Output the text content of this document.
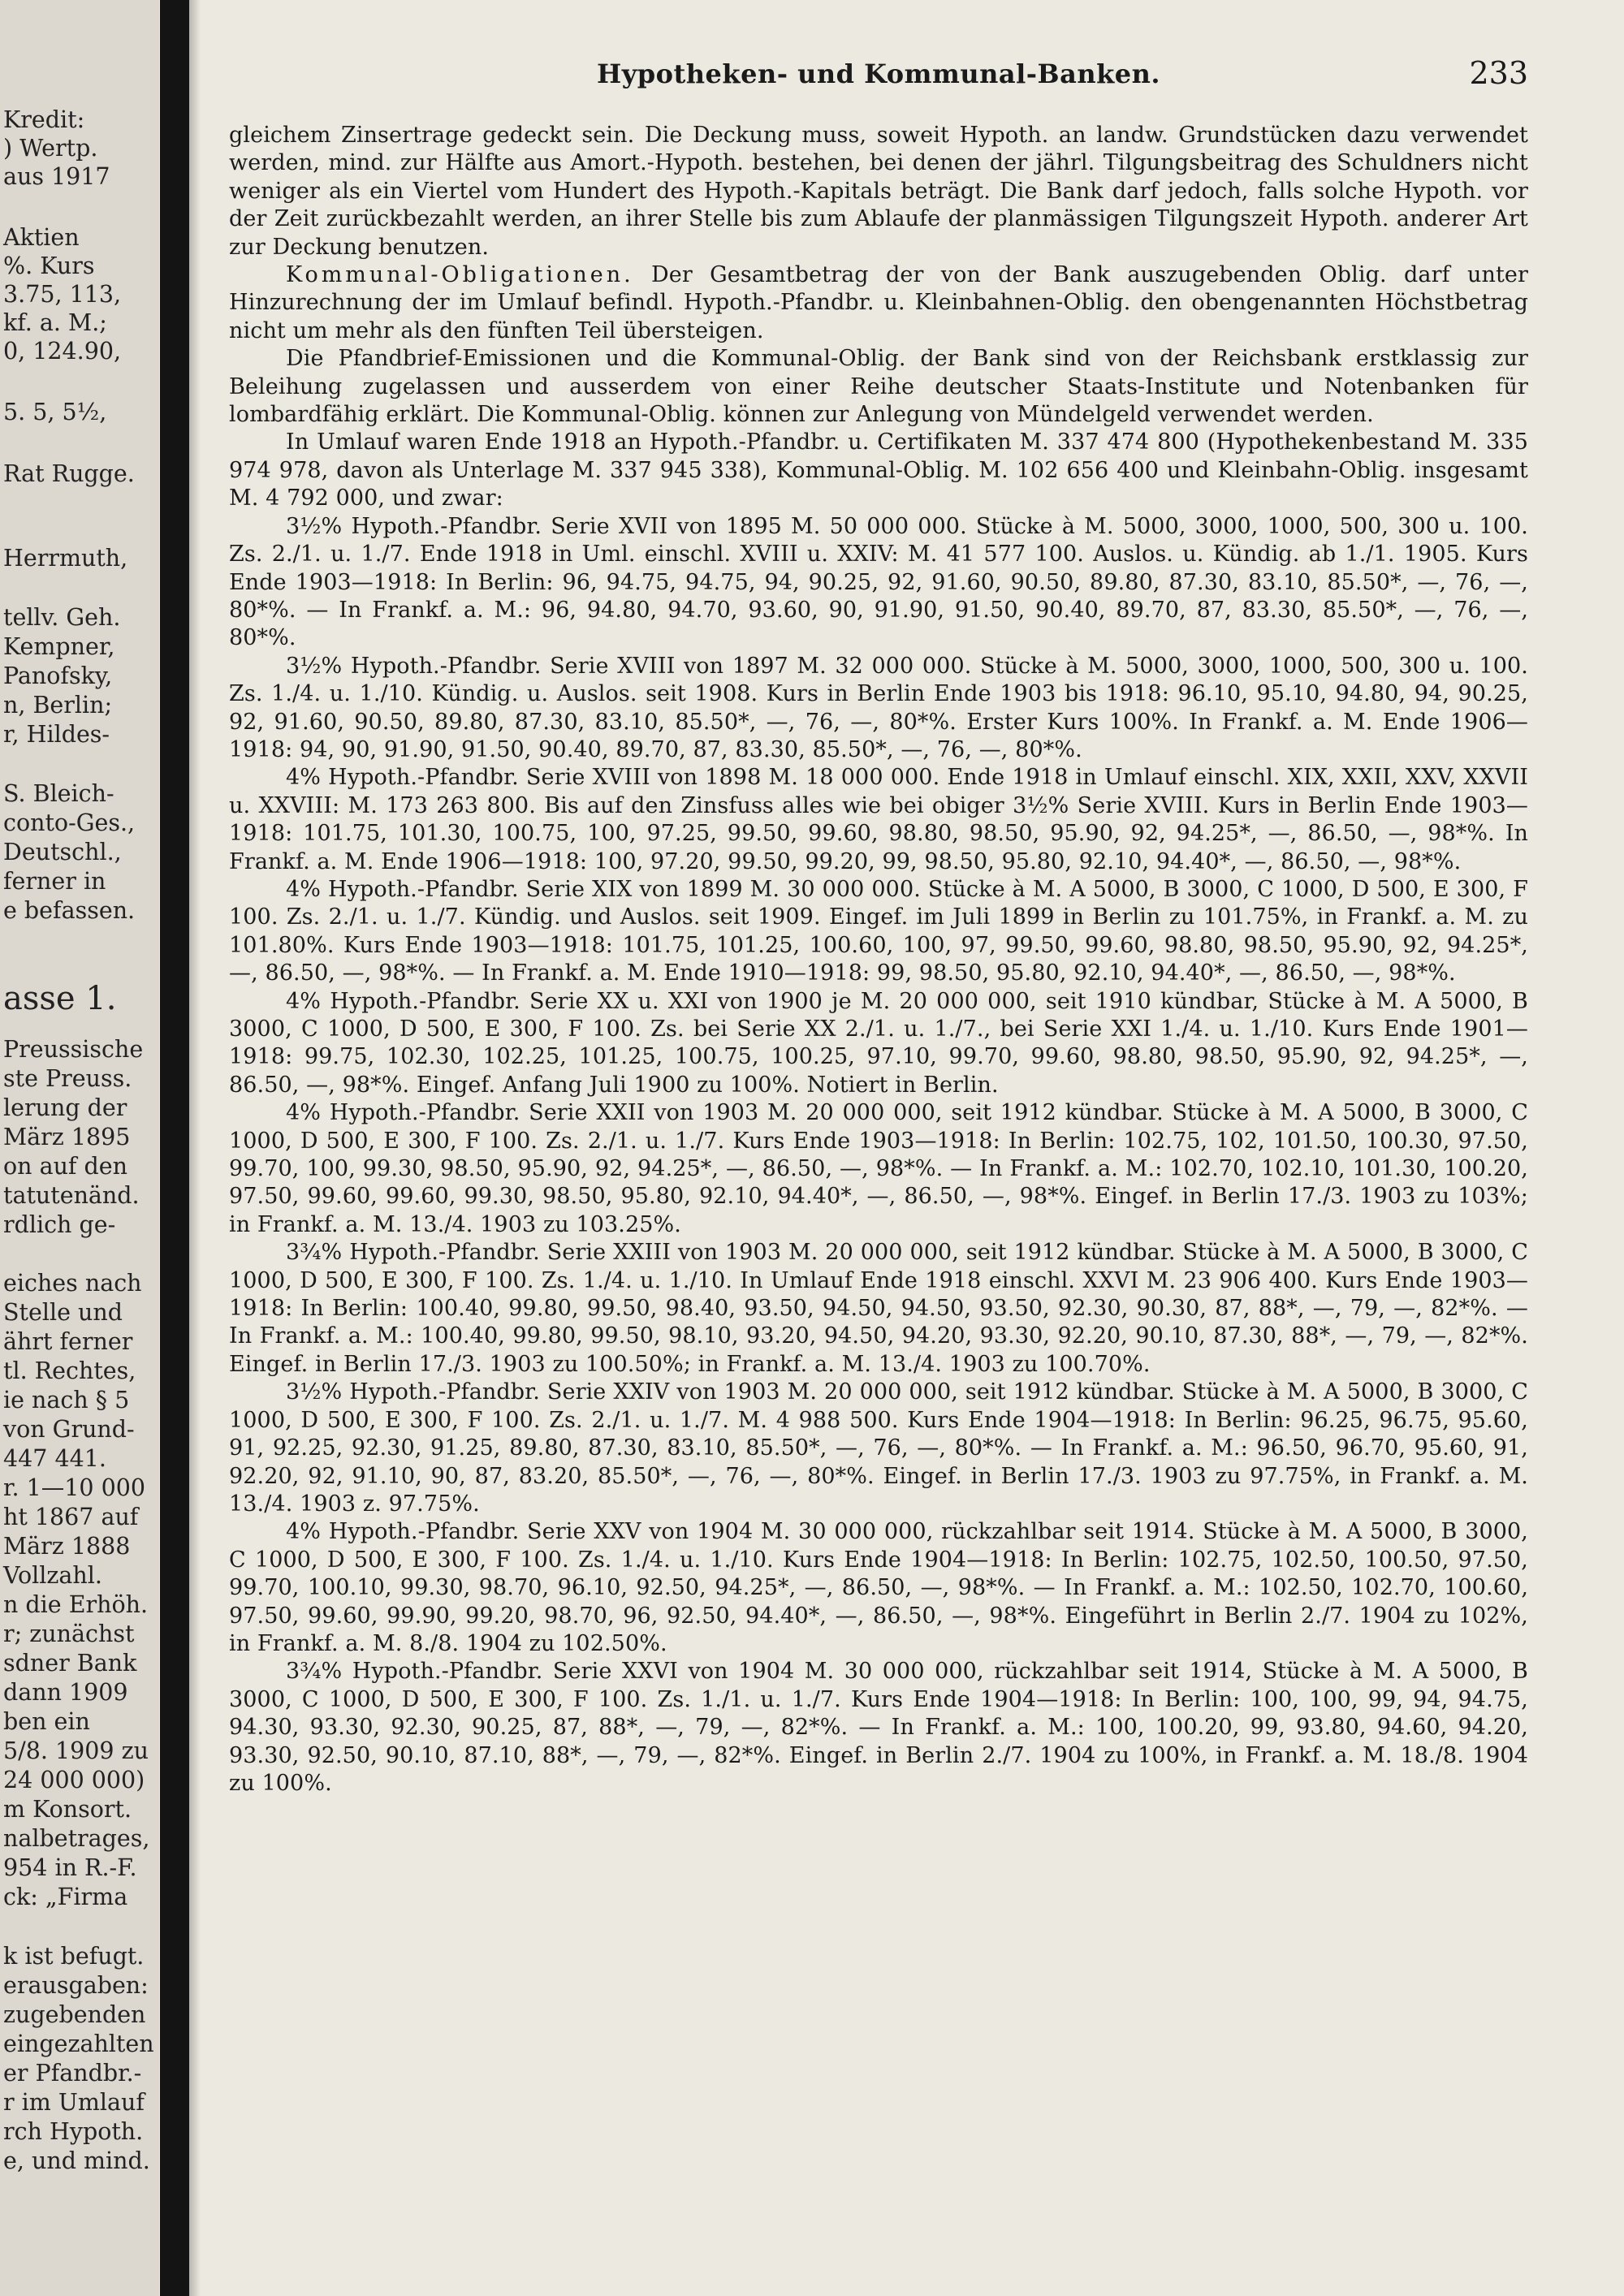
Kredit:
) Wertp.
aus 1917
Aktien
%. Kurs
3.75, 113,
kf. a. M.;
0, 124.90,
5. 5, 5½,
Rat Rugge.
Herrmuth,
tellv. Geh.
Kempner,
Panofsky,
n, Berlin;
r, Hildes-
S. Bleich-
conto-Ges.,
Deutschl.,
ferner in
e befassen.
asse 1.
Preussische
ste Preuss.
lerung der
März 1895
on auf den
tatutenänd.
rdlich ge-
eiches nach
Stelle und
ährt ferner
tl. Rechtes,
ie nach § 5
von Grund-
447 441.
r. 1—10 000
ht 1867 auf
März 1888
Vollzahl.
n die Erhöh.
r; zunächst
sdner Bank
dann 1909
ben ein
5/8. 1909 zu
24 000 000)
m Konsort.
nalbetrages,
954 in R.-F.
ck: „Firma
k ist befugt.
erausgaben:
zugebenden
eingezahlten
er Pfandbr.-
r im Umlauf
rch Hypoth.
e, und mind.
Hypotheken- und Kommunal-Banken.	233

gleichem Zinsertrage gedeckt sein. Die Deckung muss, soweit Hypoth. an landw. Grundstücken dazu verwendet werden, mind. zur Hälfte aus Amort.-Hypoth. bestehen, bei denen der jährl. Tilgungsbeitrag des Schuldners nicht weniger als ein Viertel vom Hundert des Hypoth.-Kapitals beträgt. Die Bank darf jedoch, falls solche Hypoth. vor der Zeit zurückbezahlt werden, an ihrer Stelle bis zum Ablaufe der planmässigen Tilgungszeit Hypoth. anderer Art zur Deckung benutzen.

Kommunal-Obligationen. Der Gesamtbetrag der von der Bank auszugebenden Oblig. darf unter Hinzurechnung der im Umlauf befindl. Hypoth.-Pfandbr. u. Kleinbahnen-Oblig. den obengenannten Höchstbetrag nicht um mehr als den fünften Teil übersteigen.

Die Pfandbrief-Emissionen und die Kommunal-Oblig. der Bank sind von der Reichsbank erstklassig zur Beleihung zugelassen und ausserdem von einer Reihe deutscher Staats-Institute und Notenbanken für lombardfähig erklärt. Die Kommunal-Oblig. können zur Anlegung von Mündelgeld verwendet werden.

In Umlauf waren Ende 1918 an Hypoth.-Pfandbr. u. Certifikaten M. 337 474 800 (Hypothekenbestand M. 335 974 978, davon als Unterlage M. 337 945 338), Kommunal-Oblig. M. 102 656 400 und Kleinbahn-Oblig. insgesamt M. 4 792 000, und zwar:

3½% Hypoth.-Pfandbr. Serie XVII von 1895 M. 50 000 000. Stücke à M. 5000, 3000, 1000, 500, 300 u. 100. Zs. 2./1. u. 1./7. Ende 1918 in Uml. einschl. XVIII u. XXIV: M. 41 577 100. Auslos. u. Kündig. ab 1./1. 1905. Kurs Ende 1903—1918: In Berlin: 96, 94.75, 94.75, 94, 90.25, 92, 91.60, 90.50, 89.80, 87.30, 83.10, 85.50*, —, 76, —, 80*%. — In Frankf. a. M.: 96, 94.80, 94.70, 93.60, 90, 91.90, 91.50, 90.40, 89.70, 87, 83.30, 85.50*, —, 76, —, 80*%.

3½% Hypoth.-Pfandbr. Serie XVIII von 1897 M. 32 000 000. Stücke à M. 5000, 3000, 1000, 500, 300 u. 100. Zs. 1./4. u. 1./10. Kündig. u. Auslos. seit 1908. Kurs in Berlin Ende 1903 bis 1918: 96.10, 95.10, 94.80, 94, 90.25, 92, 91.60, 90.50, 89.80, 87.30, 83.10, 85.50*, —, 76, —, 80*%. Erster Kurs 100%. In Frankf. a. M. Ende 1906—1918: 94, 90, 91.90, 91.50, 90.40, 89.70, 87, 83.30, 85.50*, —, 76, —, 80*%.

4% Hypoth.-Pfandbr. Serie XVIII von 1898 M. 18 000 000. Ende 1918 in Umlauf einschl. XIX, XXII, XXV, XXVII u. XXVIII: M. 173 263 800. Bis auf den Zinsfuss alles wie bei obiger 3½% Serie XVIII. Kurs in Berlin Ende 1903—1918: 101.75, 101.30, 100.75, 100, 97.25, 99.50, 99.60, 98.80, 98.50, 95.90, 92, 94.25*, —, 86.50, —, 98*%. In Frankf. a. M. Ende 1906—1918: 100, 97.20, 99.50, 99.20, 99, 98.50, 95.80, 92.10, 94.40*, —, 86.50, —, 98*%.

4% Hypoth.-Pfandbr. Serie XIX von 1899 M. 30 000 000. Stücke à M. A 5000, B 3000, C 1000, D 500, E 300, F 100. Zs. 2./1. u. 1./7. Kündig. und Auslos. seit 1909. Eingef. im Juli 1899 in Berlin zu 101.75%, in Frankf. a. M. zu 101.80%. Kurs Ende 1903—1918: 101.75, 101.25, 100.60, 100, 97, 99.50, 99.60, 98.80, 98.50, 95.90, 92, 94.25*, —, 86.50, —, 98*%. — In Frankf. a. M. Ende 1910—1918: 99, 98.50, 95.80, 92.10, 94.40*, —, 86.50, —, 98*%.

4% Hypoth.-Pfandbr. Serie XX u. XXI von 1900 je M. 20 000 000, seit 1910 kündbar, Stücke à M. A 5000, B 3000, C 1000, D 500, E 300, F 100. Zs. bei Serie XX 2./1. u. 1./7., bei Serie XXI 1./4. u. 1./10. Kurs Ende 1901—1918: 99.75, 102.30, 102.25, 101.25, 100.75, 100.25, 97.10, 99.70, 99.60, 98.80, 98.50, 95.90, 92, 94.25*, —, 86.50, —, 98*%. Eingef. Anfang Juli 1900 zu 100%. Notiert in Berlin.

4% Hypoth.-Pfandbr. Serie XXII von 1903 M. 20 000 000, seit 1912 kündbar. Stücke à M. A 5000, B 3000, C 1000, D 500, E 300, F 100. Zs. 2./1. u. 1./7. Kurs Ende 1903—1918: In Berlin: 102.75, 102, 101.50, 100.30, 97.50, 99.70, 100, 99.30, 98.50, 95.90, 92, 94.25*, —, 86.50, —, 98*%. — In Frankf. a. M.: 102.70, 102.10, 101.30, 100.20, 97.50, 99.60, 99.60, 99.30, 98.50, 95.80, 92.10, 94.40*, —, 86.50, —, 98*%. Eingef. in Berlin 17./3. 1903 zu 103%; in Frankf. a. M. 13./4. 1903 zu 103.25%.

3¾% Hypoth.-Pfandbr. Serie XXIII von 1903 M. 20 000 000, seit 1912 kündbar. Stücke à M. A 5000, B 3000, C 1000, D 500, E 300, F 100. Zs. 1./4. u. 1./10. In Umlauf Ende 1918 einschl. XXVI M. 23 906 400. Kurs Ende 1903—1918: In Berlin: 100.40, 99.80, 99.50, 98.40, 93.50, 94.50, 94.50, 93.50, 92.30, 90.30, 87, 88*, —, 79, —, 82*%. — In Frankf. a. M.: 100.40, 99.80, 99.50, 98.10, 93.20, 94.50, 94.20, 93.30, 92.20, 90.10, 87.30, 88*, —, 79, —, 82*%. Eingef. in Berlin 17./3. 1903 zu 100.50%; in Frankf. a. M. 13./4. 1903 zu 100.70%.

3½% Hypoth.-Pfandbr. Serie XXIV von 1903 M. 20 000 000, seit 1912 kündbar. Stücke à M. A 5000, B 3000, C 1000, D 500, E 300, F 100. Zs. 2./1. u. 1./7. M. 4 988 500. Kurs Ende 1904—1918: In Berlin: 96.25, 96.75, 95.60, 91, 92.25, 92.30, 91.25, 89.80, 87.30, 83.10, 85.50*, —, 76, —, 80*%. — In Frankf. a. M.: 96.50, 96.70, 95.60, 91, 92.20, 92, 91.10, 90, 87, 83.20, 85.50*, —, 76, —, 80*%. Eingef. in Berlin 17./3. 1903 zu 97.75%, in Frankf. a. M. 13./4. 1903 z. 97.75%.

4% Hypoth.-Pfandbr. Serie XXV von 1904 M. 30 000 000, rückzahlbar seit 1914. Stücke à M. A 5000, B 3000, C 1000, D 500, E 300, F 100. Zs. 1./4. u. 1./10. Kurs Ende 1904—1918: In Berlin: 102.75, 102.50, 100.50, 97.50, 99.70, 100.10, 99.30, 98.70, 96.10, 92.50, 94.25*, —, 86.50, —, 98*%. — In Frankf. a. M.: 102.50, 102.70, 100.60, 97.50, 99.60, 99.90, 99.20, 98.70, 96, 92.50, 94.40*, —, 86.50, —, 98*%. Eingeführt in Berlin 2./7. 1904 zu 102%, in Frankf. a. M. 8./8. 1904 zu 102.50%.

3¾% Hypoth.-Pfandbr. Serie XXVI von 1904 M. 30 000 000, rückzahlbar seit 1914, Stücke à M. A 5000, B 3000, C 1000, D 500, E 300, F 100. Zs. 1./1. u. 1./7. Kurs Ende 1904—1918: In Berlin: 100, 100, 99, 94, 94.75, 94.30, 93.30, 92.30, 90.25, 87, 88*, —, 79, —, 82*%. — In Frankf. a. M.: 100, 100.20, 99, 93.80, 94.60, 94.20, 93.30, 92.50, 90.10, 87.10, 88*, —, 79, —, 82*%. Eingef. in Berlin 2./7. 1904 zu 100%, in Frankf. a. M. 18./8. 1904 zu 100%.
